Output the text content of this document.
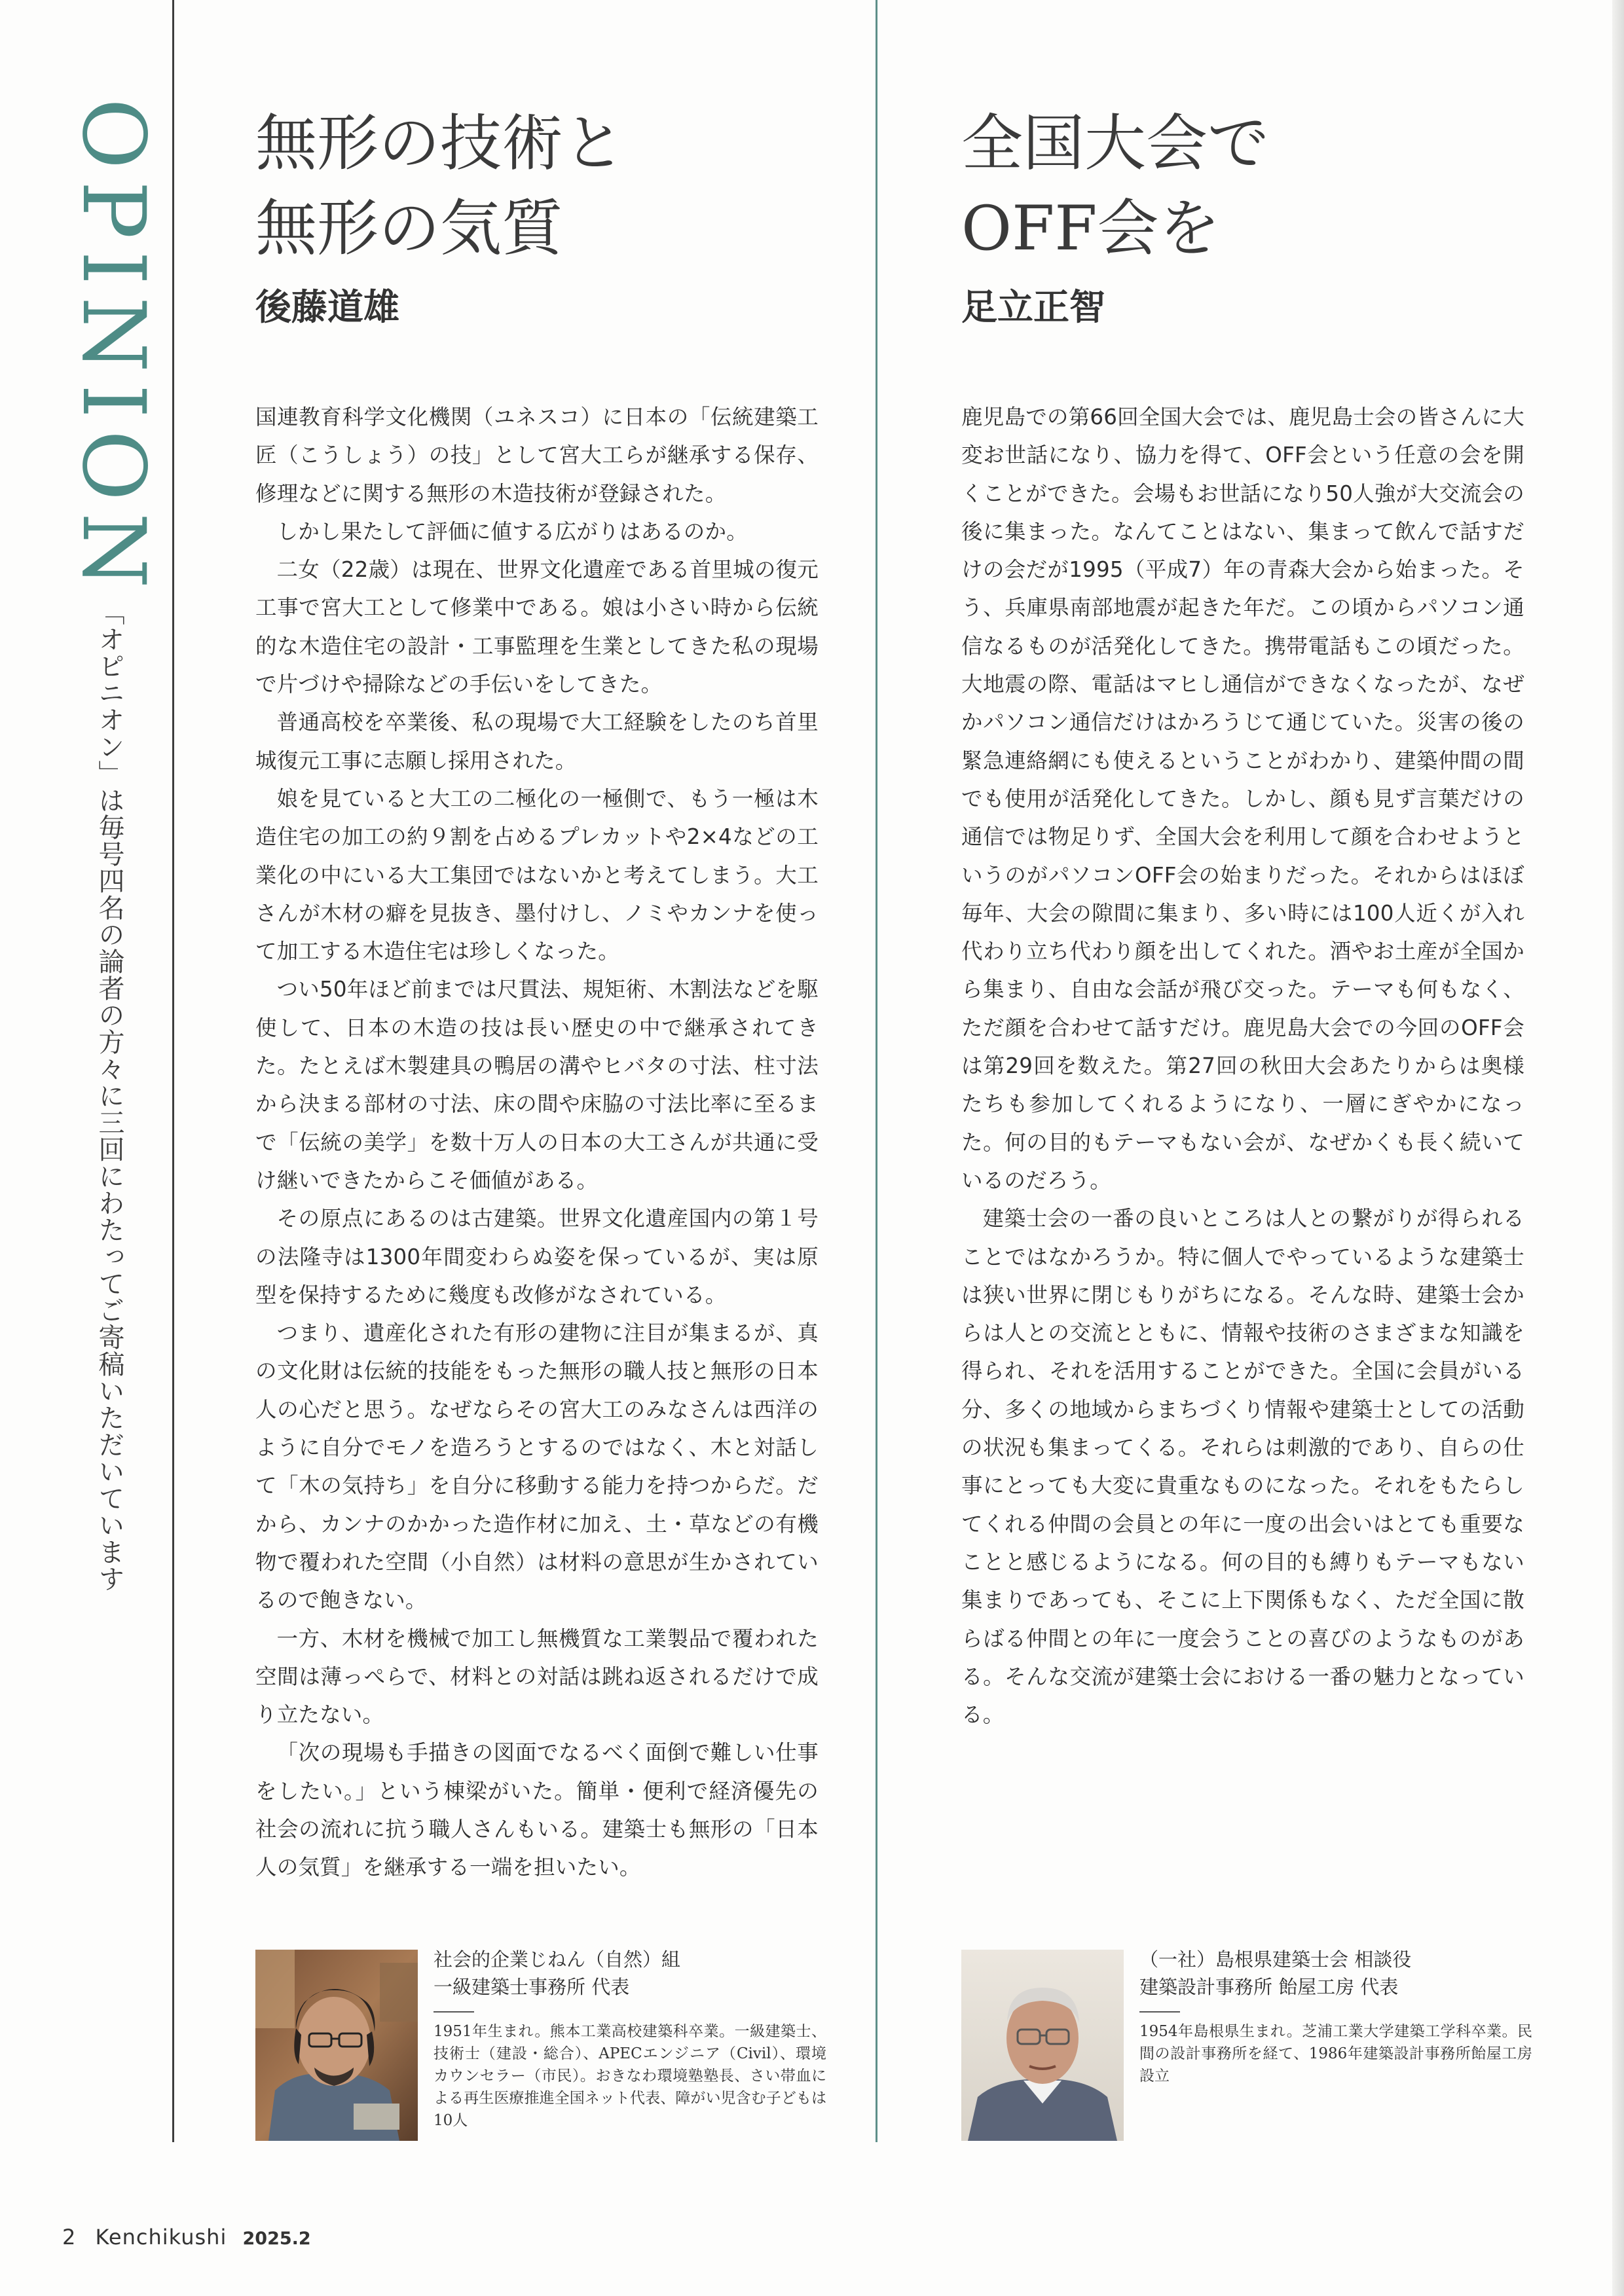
OPINION
「オピニオン」は毎号四名の論者の方々に三回にわたってご寄稿いただいています
無形の技術と
無形の気質
後藤道雄

国連教育科学文化機関（ユネスコ）に日本の「伝統建築工匠（こうしょう）の技」として宮大工らが継承する保存、修理などに関する無形の木造技術が登録された。

しかし果たして評価に値する広がりはあるのか。

二女（22歳）は現在、世界文化遺産である首里城の復元工事で宮大工として修業中である。娘は小さい時から伝統的な木造住宅の設計・工事監理を生業としてきた私の現場で片づけや掃除などの手伝いをしてきた。

普通高校を卒業後、私の現場で大工経験をしたのち首里城復元工事に志願し採用された。

娘を見ていると大工の二極化の一極側で、もう一極は木造住宅の加工の約９割を占めるプレカットや2×4などの工業化の中にいる大工集団ではないかと考えてしまう。大工さんが木材の癖を見抜き、墨付けし、ノミやカンナを使って加工する木造住宅は珍しくなった。

つい50年ほど前までは尺貫法、規矩術、木割法などを駆使して、日本の木造の技は長い歴史の中で継承されてきた。たとえば木製建具の鴨居の溝やヒバタの寸法、柱寸法から決まる部材の寸法、床の間や床脇の寸法比率に至るまで「伝統の美学」を数十万人の日本の大工さんが共通に受け継いできたからこそ価値がある。

その原点にあるのは古建築。世界文化遺産国内の第１号の法隆寺は1300年間変わらぬ姿を保っているが、実は原型を保持するために幾度も改修がなされている。

つまり、遺産化された有形の建物に注目が集まるが、真の文化財は伝統的技能をもった無形の職人技と無形の日本人の心だと思う。なぜならその宮大工のみなさんは西洋のように自分でモノを造ろうとするのではなく、木と対話して「木の気持ち」を自分に移動する能力を持つからだ。だから、カンナのかかった造作材に加え、土・草などの有機物で覆われた空間（小自然）は材料の意思が生かされているので飽きない。

一方、木材を機械で加工し無機質な工業製品で覆われた空間は薄っぺらで、材料との対話は跳ね返されるだけで成り立たない。

「次の現場も手描きの図面でなるべく面倒で難しい仕事をしたい。」という棟梁がいた。簡単・便利で経済優先の社会の流れに抗う職人さんもいる。建築士も無形の「日本人の気質」を継承する一端を担いたい。

社会的企業じねん（自然）組
一級建築士事務所 代表
1951年生まれ。熊本工業高校建築科卒業。一級建築士、技術士（建設・総合）、APECエンジニア（Civil）、環境カウンセラー（市民）。おきなわ環境塾塾長、さい帯血による再生医療推進全国ネット代表、障がい児含む子どもは10人
全国大会で
OFF会を
足立正智

鹿児島での第66回全国大会では、鹿児島士会の皆さんに大変お世話になり、協力を得て、OFF会という任意の会を開くことができた。会場もお世話になり50人強が大交流会の後に集まった。なんてことはない、集まって飲んで話すだけの会だが1995（平成7）年の青森大会から始まった。そう、兵庫県南部地震が起きた年だ。この頃からパソコン通信なるものが活発化してきた。携帯電話もこの頃だった。大地震の際、電話はマヒし通信ができなくなったが、なぜかパソコン通信だけはかろうじて通じていた。災害の後の緊急連絡網にも使えるということがわかり、建築仲間の間でも使用が活発化してきた。しかし、顔も見ず言葉だけの通信では物足りず、全国大会を利用して顔を合わせようというのがパソコンOFF会の始まりだった。それからはほぼ毎年、大会の隙間に集まり、多い時には100人近くが入れ代わり立ち代わり顔を出してくれた。酒やお土産が全国から集まり、自由な会話が飛び交った。テーマも何もなく、ただ顔を合わせて話すだけ。鹿児島大会での今回のOFF会は第29回を数えた。第27回の秋田大会あたりからは奥様たちも参加してくれるようになり、一層にぎやかになった。何の目的もテーマもない会が、なぜかくも長く続いているのだろう。

建築士会の一番の良いところは人との繋がりが得られることではなかろうか。特に個人でやっているような建築士は狭い世界に閉じもりがちになる。そんな時、建築士会からは人との交流とともに、情報や技術のさまざまな知識を得られ、それを活用することができた。全国に会員がいる分、多くの地域からまちづくり情報や建築士としての活動の状況も集まってくる。それらは刺激的であり、自らの仕事にとっても大変に貴重なものになった。それをもたらしてくれる仲間の会員との年に一度の出会いはとても重要なことと感じるようになる。何の目的も縛りもテーマもない集まりであっても、そこに上下関係もなく、ただ全国に散らばる仲間との年に一度会うことの喜びのようなものがある。そんな交流が建築士会における一番の魅力となっている。

（一社）島根県建築士会 相談役
建築設計事務所 飴屋工房 代表
1954年島根県生まれ。芝浦工業大学建築工学科卒業。民間の設計事務所を経て、1986年建築設計事務所飴屋工房設立
2 Kenchikushi 2025.2
